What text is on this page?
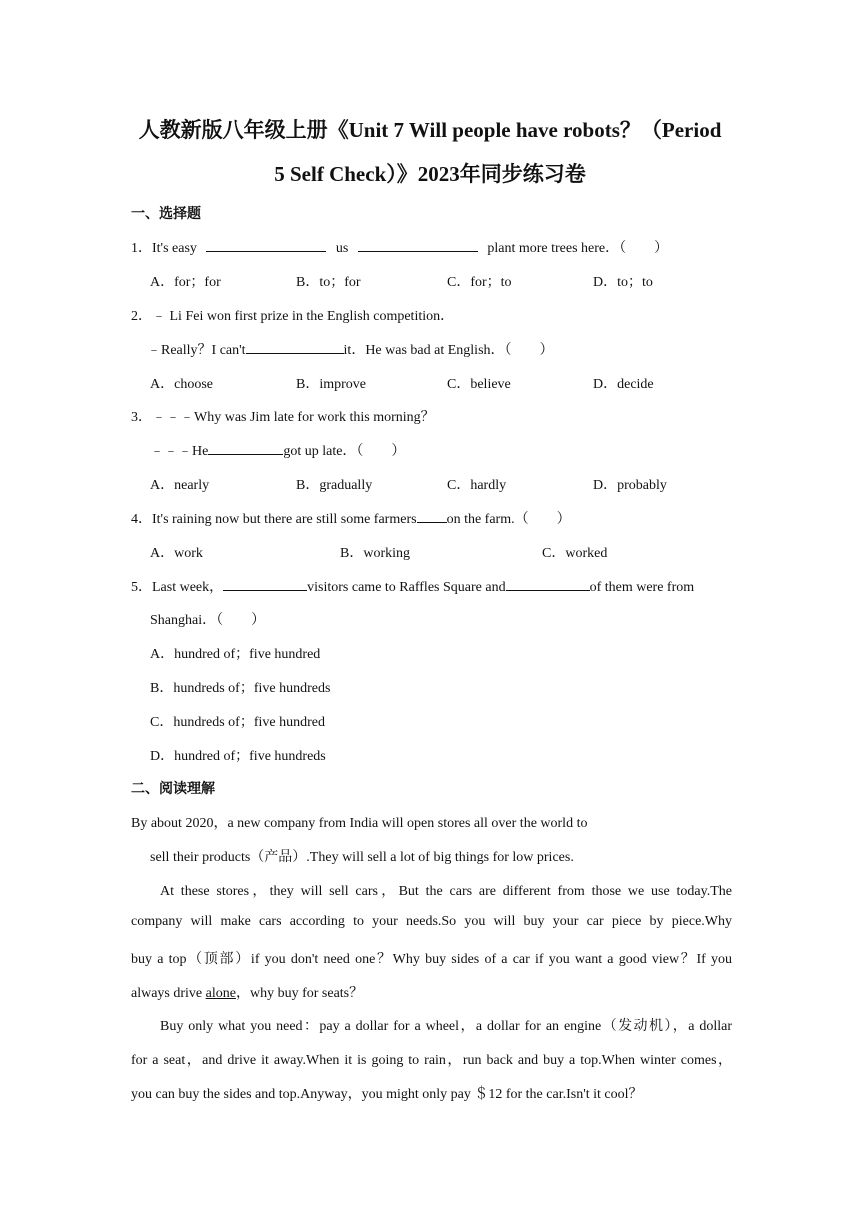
人教新版八年级上册《Unit 7 Will people have robots？（Period
5 Self Check）》2023年同步练习卷
一、选择题
1．It's easy	us	plant more trees here．（　　）
A．for；for	B．to；for	C．for；to	D．to；to
2．﹣ Li Fei won first prize in the English competition．
﹣Really？I can't	it．He was bad at English．（　　）
A．choose	B．improve	C．believe	D．decide
3．﹣﹣﹣Why was Jim late for work this morning？
﹣﹣﹣He	got up late．（　　）
A．nearly	B．gradually	C．hardly	D．probably
4．It's raining now but there are still some farmers on the farm.（　　）
A．work	B．working	C．worked
5．Last week，	visitors came to Raffles Square and	of them were from
Shanghai．（　　）
A．hundred of；five hundred
B．hundreds of；five hundreds
C．hundreds of；five hundred
D．hundred of；five hundreds
二、阅读理解
By about 2020，a new company from India will open stores all over the world to
sell their products（产品）.They will sell a lot of big things for low prices.
At these stores，they will sell cars，But the cars are different from those we use today.The
company will make cars according to your needs.So you will buy your car piece by piece.Why
buy a top（顶部）if you don't need one？Why buy sides of a car if you want a good view？If you
always drive alone，why buy for seats？
Buy only what you need：pay a dollar for a wheel，a dollar for an engine（发动机），a dollar
for a seat，and drive it away.When it is going to rain，run back and buy a top.When winter comes，
you can buy the sides and top.Anyway，you might only pay ＄12 for the car.Isn't it cool？
